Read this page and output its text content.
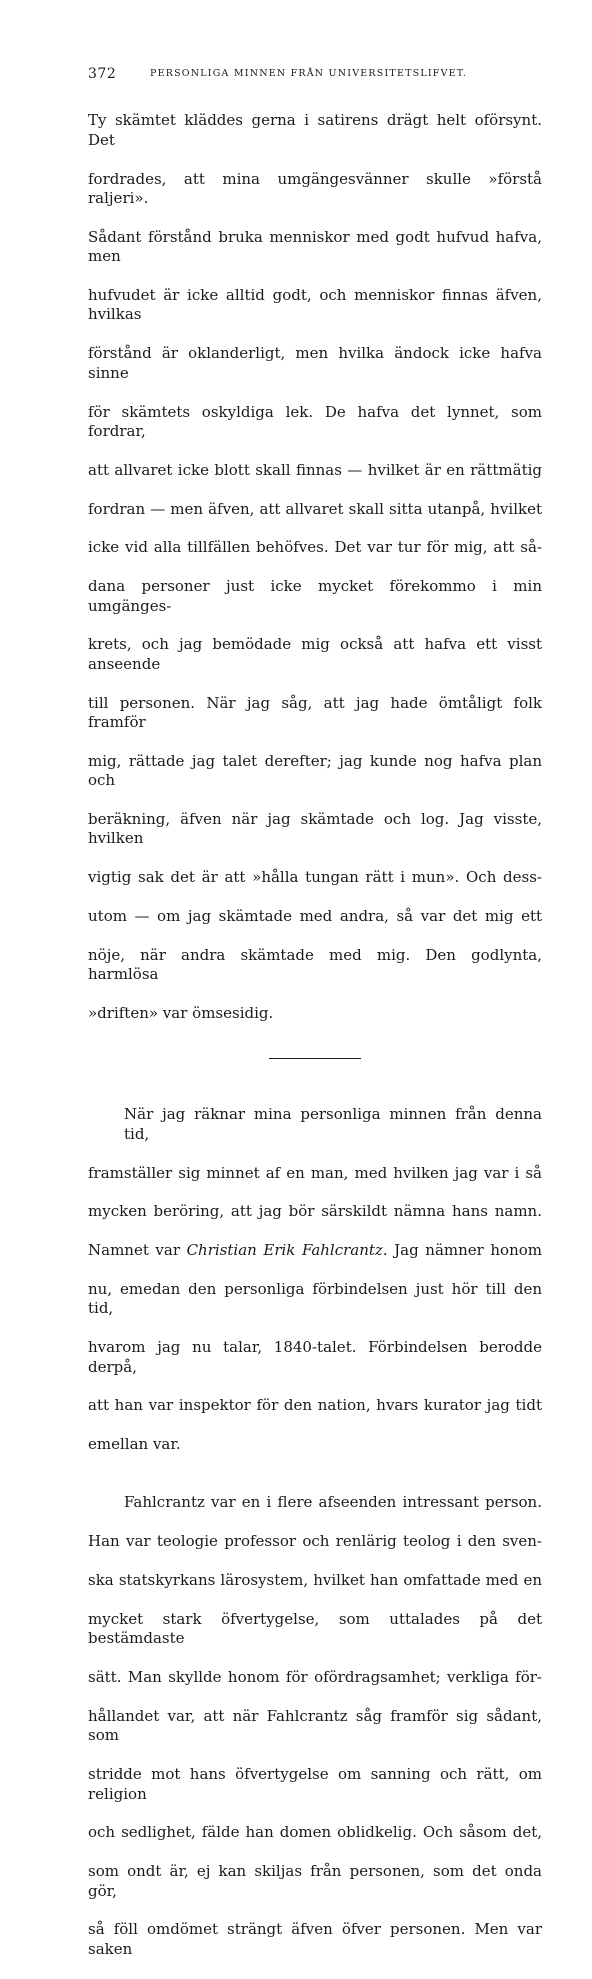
372	PERSONLIGA MINNEN FRÅN UNIVERSITETSLIFVET.

Ty skämtet kläddes gerna i satirens drägt helt oförsynt. Det

fordrades, att mina umgängesvänner skulle »förstå raljeri».

Sådant förstånd bruka menniskor med godt hufvud hafva, men

hufvudet är icke alltid godt, och menniskor finnas äfven, hvilkas

förstånd är oklanderligt, men hvilka ändock icke hafva sinne

för skämtets oskyldiga lek. De hafva det lynnet, som fordrar,

att allvaret icke blott skall finnas — hvilket är en rättmätig

fordran — men äfven, att allvaret skall sitta utanpå, hvilket

icke vid alla tillfällen behöfves. Det var tur för mig, att så-

dana personer just icke mycket förekommo i min umgänges-

krets, och jag bemödade mig också att hafva ett visst anseende

till personen. När jag såg, att jag hade ömtåligt folk framför

mig, rättade jag talet derefter; jag kunde nog hafva plan och

beräkning, äfven när jag skämtade och log. Jag visste, hvilken

vigtig sak det är att »hålla tungan rätt i mun». Och dess-

utom — om jag skämtade med andra, så var det mig ett

nöje, när andra skämtade med mig. Den godlynta, harmlösa

»driften» var ömsesidig.

När jag räknar mina personliga minnen från denna tid,

framställer sig minnet af en man, med hvilken jag var i så

mycken beröring, att jag bör särskildt nämna hans namn.

Namnet var Christian Erik Fahlcrantz. Jag nämner honom

nu, emedan den personliga förbindelsen just hör till den tid,

hvarom jag nu talar, 1840-talet. Förbindelsen berodde derpå,

att han var inspektor för den nation, hvars kurator jag tidt

emellan var.

Fahlcrantz var en i flere afseenden intressant person.

Han var teologie professor och renlärig teolog i den sven-

ska statskyrkans lärosystem, hvilket han omfattade med en

mycket stark öfvertygelse, som uttalades på det bestämdaste

sätt. Man skyllde honom för ofördragsamhet; verkliga för-

hållandet var, att när Fahlcrantz såg framför sig sådant, som

stridde mot hans öfvertygelse om sanning och rätt, om religion

och sedlighet, fälde han domen oblidkelig. Och såsom det,

som ondt är, ej kan skiljas från personen, som det onda gör,

så föll omdömet strängt äfven öfver personen. Men var saken
